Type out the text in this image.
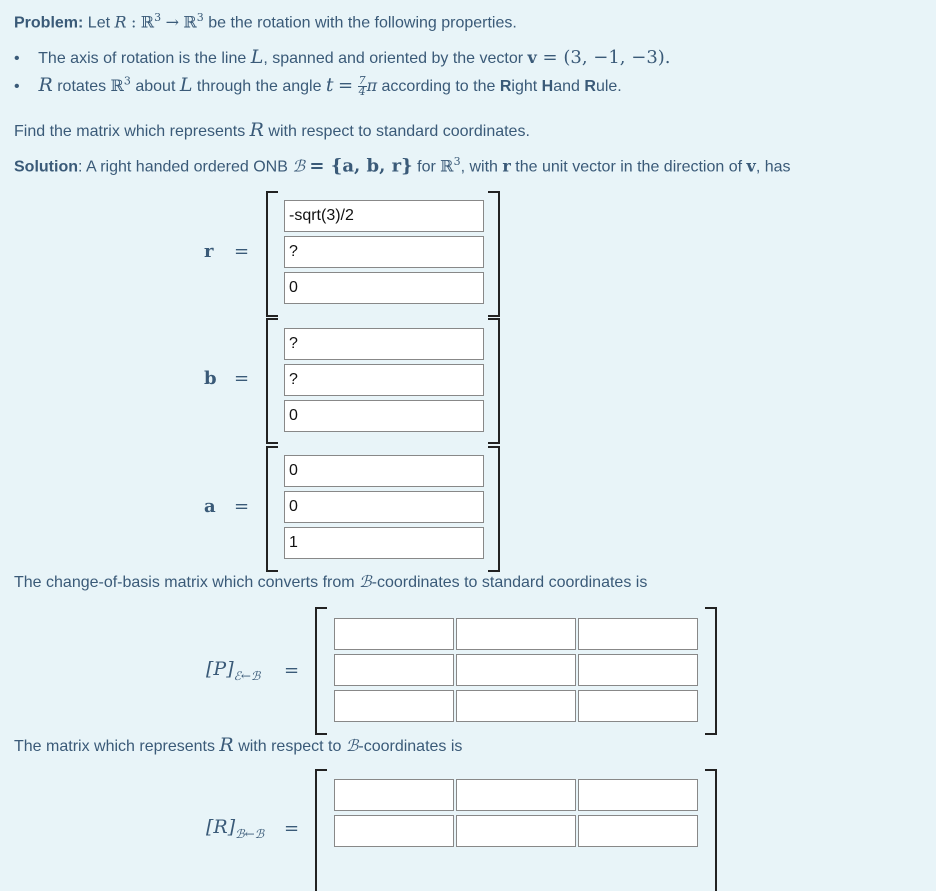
Problem: Let R : ℝ$^3$ → ℝ$^3$ be the rotation with the following properties.
• The axis of rotation is the line L, spanned and oriented by the vector v = (3, −1, −3).
• R rotates ℝ$^3$ about L through the angle $t = \frac{7}{4}$ π according to the Right Hand Rule.
Find the matrix which represents R with respect to standard coordinates.
Solution: A right handed ordered ONB ℬ = {a, b, r} for ℝ$^3$, with r the unit vector in the direction of v, has
r =
-sqrt(3)/2
?
0
b =
?
?
0
a =
0
0
1
The change-of-basis matrix which converts from ℬ-coordinates to standard coordinates is
$[P]_{ℰ\leftarrow ℬ}$ =
The matrix which represents R with respect to ℬ-coordinates is
$[R]_{ℬ\leftarrow ℬ}$ =
